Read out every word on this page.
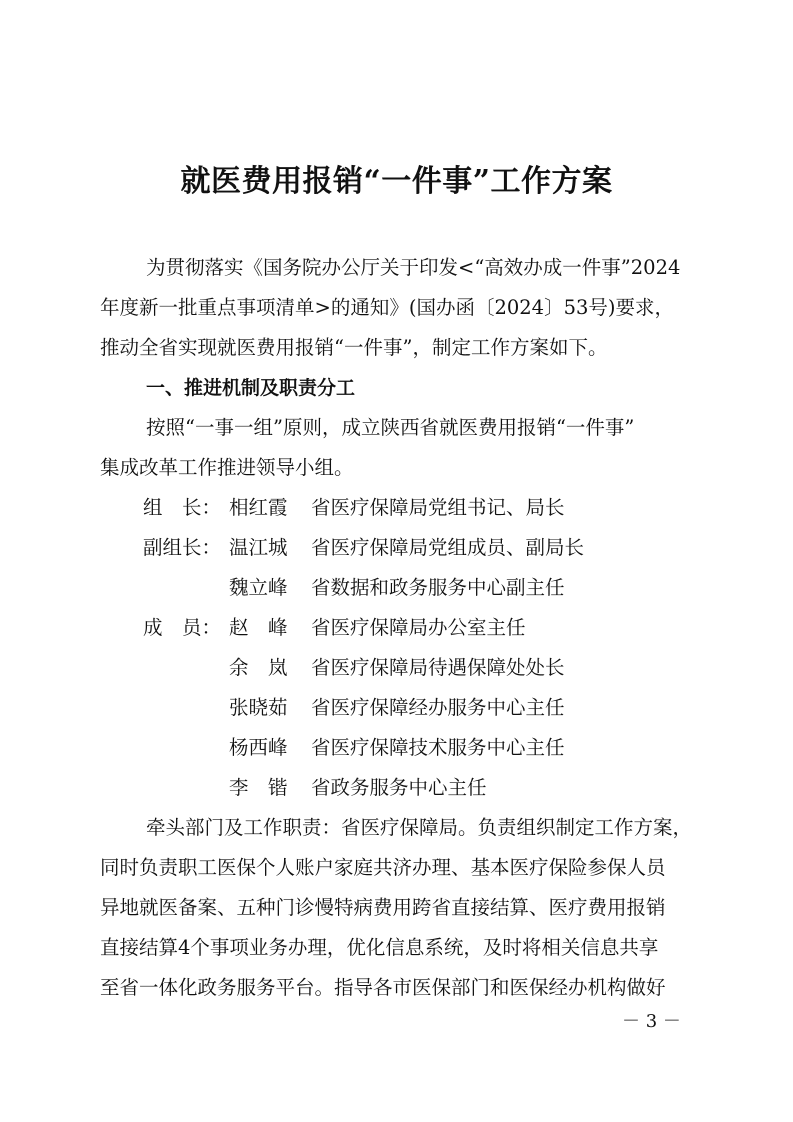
就医费用报销“一件事”工作方案
为贯彻落实《国务院办公厅关于印发<“高效办成一件事”2024
年度新一批重点事项清单>的通知》(国办函〔2024〕53号)要求，
推动全省实现就医费用报销“一件事”，制定工作方案如下。
一、推进机制及职责分工
按照“一事一组”原则，成立陕西省就医费用报销“一件事”
集成改革工作推进领导小组。
组　长： 相红霞 省医疗保障局党组书记、局长
副组长： 温江城 省医疗保障局党组成员、副局长
魏立峰 省数据和政务服务中心副主任
成　员： 赵　峰 省医疗保障局办公室主任
余　岚 省医疗保障局待遇保障处处长
张晓茹 省医疗保障经办服务中心主任
杨西峰 省医疗保障技术服务中心主任
李　锴 省政务服务中心主任
牵头部门及工作职责：省医疗保障局。负责组织制定工作方案，
同时负责职工医保个人账户家庭共济办理、基本医疗保险参保人员
异地就医备案、五种门诊慢特病费用跨省直接结算、医疗费用报销
直接结算4个事项业务办理，优化信息系统，及时将相关信息共享
至省一体化政务服务平台。指导各市医保部门和医保经办机构做好
－ 3 －
